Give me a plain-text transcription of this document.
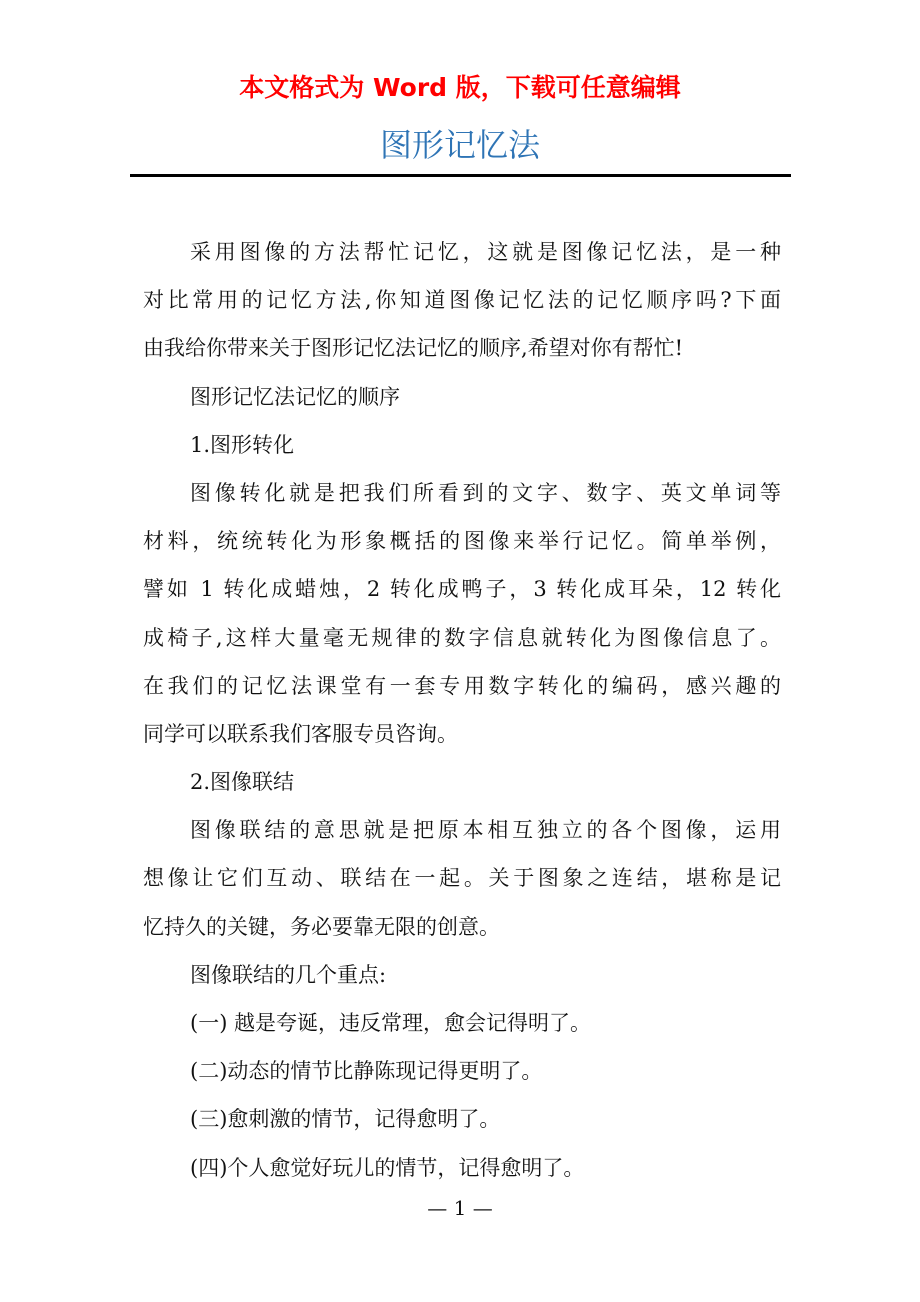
本文格式为 Word 版，下载可任意编辑
图形记忆法
采用图像的方法帮忙记忆，这就是图像记忆法，是一种
对比常用的记忆方法,你知道图像记忆法的记忆顺序吗?下面
由我给你带来关于图形记忆法记忆的顺序,希望对你有帮忙!
图形记忆法记忆的顺序
1.图形转化
图像转化就是把我们所看到的文字、数字、英文单词等
材料，统统转化为形象概括的图像来举行记忆。简单举例，
譬如 1 转化成蜡烛，2 转化成鸭子，3 转化成耳朵，12 转化
成椅子,这样大量毫无规律的数字信息就转化为图像信息了。
在我们的记忆法课堂有一套专用数字转化的编码，感兴趣的
同学可以联系我们客服专员咨询。
2.图像联结
图像联结的意思就是把原本相互独立的各个图像，运用
想像让它们互动、联结在一起。关于图象之连结，堪称是记
忆持久的关键，务必要靠无限的创意。
图像联结的几个重点:
(一) 越是夸诞，违反常理，愈会记得明了。
(二)动态的情节比静陈现记得更明了。
(三)愈刺激的情节，记得愈明了。
(四)个人愈觉好玩儿的情节，记得愈明了。
— 1 —
